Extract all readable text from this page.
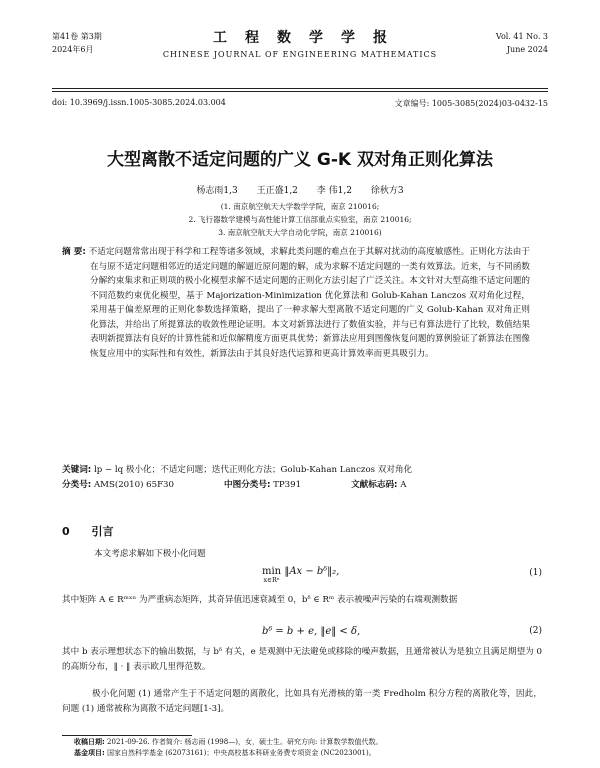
第41卷 第3期
2024年6月
工程数学学报
CHINESE JOURNAL OF ENGINEERING MATHEMATICS
Vol. 41 No. 3
June 2024
doi: 10.3969/j.issn.1005-3085.2024.03.004	文章编号: 1005-3085(2024)03-0432-15
大型离散不适定问题的广义 G-K 双对角正则化算法
杨志雨1,3 王正盛1,2 李 伟1,2 徐秋方3
(1. 南京航空航天大学数学学院，南京 210016;
2. 飞行器数学建模与高性能计算工信部重点实验室，南京 210016;
3. 南京航空航天大学自动化学院，南京 210016)
摘 要: 不适定问题常常出现于科学和工程等诸多领域，求解此类问题的难点在于其解对扰动的高度敏感性。正则化方法由于在与原不适定问题相邻近的适定问题的解逼近原问题的解，成为求解不适定问题的一类有效算法。近来，与不同函数分解约束集求和正则项的极小化模型求解不适定问题的正则化方法引起了广泛关注。本文针对大型高维不适定问题的不同范数约束优化模型，基于 Majorization-Minimization 优化算法和 Golub-Kahan Lanczos 双对角化过程，采用基于偏差原理的正则化参数选择策略，提出了一种求解大型离散不适定问题的广义 Golub-Kahan 双对角正则化算法，并给出了所提算法的收敛性理论证明。本文对新算法进行了数值实验，并与已有算法进行了比较，数值结果表明新提算法有良好的计算性能和近似解精度方面更具优势；新算法应用到图像恢复问题的算例验证了新算法在图像恢复应用中的实际性和有效性，新算法由于其良好迭代运算和更高计算效率而更具吸引力。
关键词: lp − lq 极小化；不适定问题；迭代正则化方法；Golub-Kahan Lanczos 双对角化
分类号: AMS(2010) 65F30	中图分类号: TP391	文献标志码: A
0 引言
本文考虑求解如下极小化问题
min
$^{x\in R^n}$ ‖Ax − bᵟ‖₂,	(1)
其中矩阵 A ∈ Rᵐˣⁿ 为严重病态矩阵，其奇异值迅速衰减至 0，bᵟ ∈ Rᵐ 表示被噪声污染的右端观测数据
bᵟ = b + e, ‖e‖ < δ,	(2)
其中 b 表示理想状态下的输出数据，与 bᵟ 有关，e 是观测中无法避免或移除的噪声数据，且通常被认为是独立且满足期望为 0 的高斯分布，‖ · ‖ 表示欧几里得范数。
极小化问题 (1) 通常产生于不适定问题的离散化，比如具有光滑核的第一类 Fredholm 积分方程的离散化等，因此，问题 (1) 通常被称为离散不适定问题[1-3]。
收稿日期: 2021-09-26. 作者简介: 杨志雨 (1998—)，女，硕士生。研究方向: 计算数学数值代数。
基金项目: 国家自然科学基金 (62073161)；中央高校基本科研业务费专项资金 (NC2023001)。
